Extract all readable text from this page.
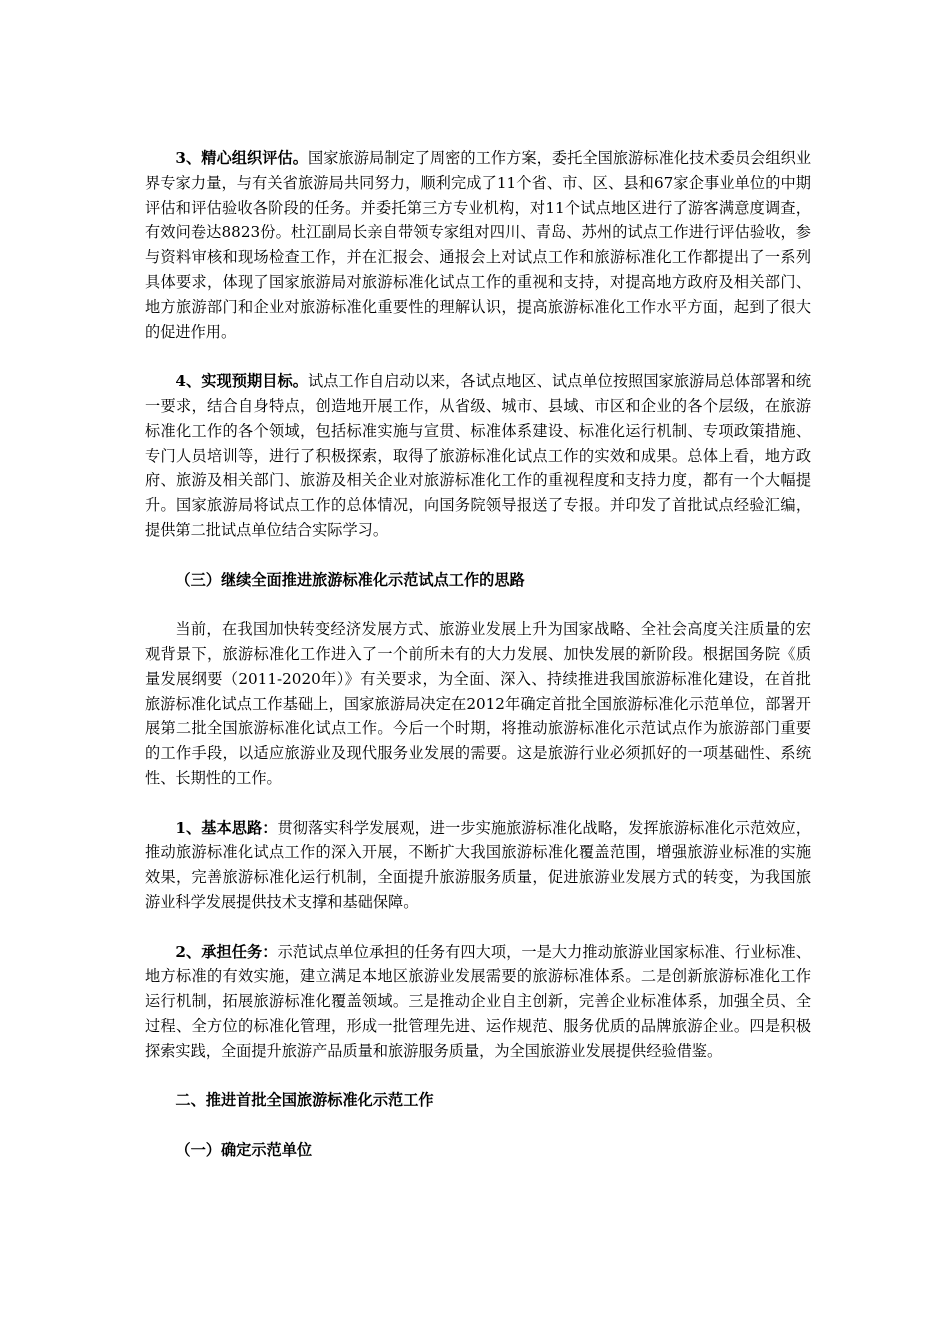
3、精心组织评估。国家旅游局制定了周密的工作方案，委托全国旅游标准化技术委员会组织业界专家力量，与有关省旅游局共同努力，顺利完成了11个省、市、区、县和67家企事业单位的中期评估和评估验收各阶段的任务。并委托第三方专业机构，对11个试点地区进行了游客满意度调查，有效问卷达8823份。杜江副局长亲自带领专家组对四川、青岛、苏州的试点工作进行评估验收，参与资料审核和现场检查工作，并在汇报会、通报会上对试点工作和旅游标准化工作都提出了一系列具体要求，体现了国家旅游局对旅游标准化试点工作的重视和支持，对提高地方政府及相关部门、地方旅游部门和企业对旅游标准化重要性的理解认识，提高旅游标准化工作水平方面，起到了很大的促进作用。

4、实现预期目标。试点工作自启动以来，各试点地区、试点单位按照国家旅游局总体部署和统一要求，结合自身特点，创造地开展工作，从省级、城市、县域、市区和企业的各个层级，在旅游标准化工作的各个领域，包括标准实施与宣贯、标准体系建设、标准化运行机制、专项政策措施、专门人员培训等，进行了积极探索，取得了旅游标准化试点工作的实效和成果。总体上看，地方政府、旅游及相关部门、旅游及相关企业对旅游标准化工作的重视程度和支持力度，都有一个大幅提升。国家旅游局将试点工作的总体情况，向国务院领导报送了专报。并印发了首批试点经验汇编，提供第二批试点单位结合实际学习。

（三）继续全面推进旅游标准化示范试点工作的思路

当前，在我国加快转变经济发展方式、旅游业发展上升为国家战略、全社会高度关注质量的宏观背景下，旅游标准化工作进入了一个前所未有的大力发展、加快发展的新阶段。根据国务院《质量发展纲要（2011-2020年）》有关要求，为全面、深入、持续推进我国旅游标准化建设，在首批旅游标准化试点工作基础上，国家旅游局决定在2012年确定首批全国旅游标准化示范单位，部署开展第二批全国旅游标准化试点工作。今后一个时期，将推动旅游标准化示范试点作为旅游部门重要的工作手段，以适应旅游业及现代服务业发展的需要。这是旅游行业必须抓好的一项基础性、系统性、长期性的工作。

1、基本思路：贯彻落实科学发展观，进一步实施旅游标准化战略，发挥旅游标准化示范效应，推动旅游标准化试点工作的深入开展，不断扩大我国旅游标准化覆盖范围，增强旅游业标准的实施效果，完善旅游标准化运行机制，全面提升旅游服务质量，促进旅游业发展方式的转变，为我国旅游业科学发展提供技术支撑和基础保障。

2、承担任务：示范试点单位承担的任务有四大项，一是大力推动旅游业国家标准、行业标准、地方标准的有效实施，建立满足本地区旅游业发展需要的旅游标准体系。二是创新旅游标准化工作运行机制，拓展旅游标准化覆盖领域。三是推动企业自主创新，完善企业标准体系，加强全员、全过程、全方位的标准化管理，形成一批管理先进、运作规范、服务优质的品牌旅游企业。四是积极探索实践，全面提升旅游产品质量和旅游服务质量，为全国旅游业发展提供经验借鉴。

二、推进首批全国旅游标准化示范工作

（一）确定示范单位
